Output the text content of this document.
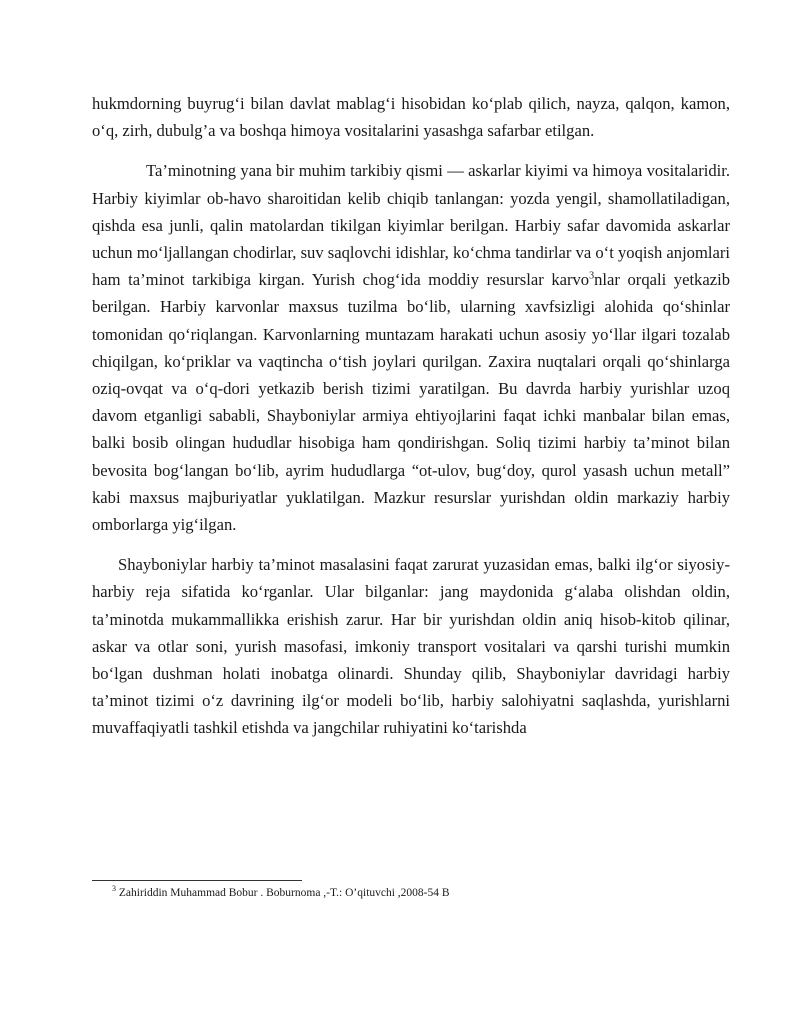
hukmdorning buyrug‘i bilan davlat mablag‘i hisobidan ko‘plab qilich, nayza, qalqon, kamon, o‘q, zirh, dubulg’a va boshqa himoya vositalarini yasashga safarbar etilgan.

Ta’minotning yana bir muhim tarkibiy qismi — askarlar kiyimi va himoya vositalaridir. Harbiy kiyimlar ob-havo sharoitidan kelib chiqib tanlangan: yozda yengil, shamollatiladigan, qishda esa junli, qalin matolardan tikilgan kiyimlar berilgan. Harbiy safar davomida askarlar uchun mo‘ljallangan chodirlar, suv saqlovchi idishlar, ko‘chma tandirlar va o‘t yoqish anjomlari ham ta’minot tarkibiga kirgan. Yurish chog‘ida moddiy resurslar karvo$^3$nlar orqali yetkazib berilgan. Harbiy karvonlar maxsus tuzilma bo‘lib, ularning xavfsizligi alohida qo‘shinlar tomonidan qo‘riqlangan. Karvonlarning muntazam harakati uchun asosiy yo‘llar ilgari tozalab chiqilgan, ko‘priklar va vaqtincha o‘tish joylari qurilgan. Zaxira nuqtalari orqali qo‘shinlarga oziq-ovqat va o‘q-dori yetkazib berish tizimi yaratilgan. Bu davrda harbiy yurishlar uzoq davom etganligi sababli, Shayboniylar armiya ehtiyojlarini faqat ichki manbalar bilan emas, balki bosib olingan hududlar hisobiga ham qondirishgan. Soliq tizimi harbiy ta’minot bilan bevosita bog‘langan bo‘lib, ayrim hududlarga “ot-ulov, bug‘doy, qurol yasash uchun metall” kabi maxsus majburiyatlar yuklatilgan. Mazkur resurslar yurishdan oldin markaziy harbiy omborlarga yig‘ilgan.

Shayboniylar harbiy ta’minot masalasini faqat zarurat yuzasidan emas, balki ilg‘or siyosiy-harbiy reja sifatida ko‘rganlar. Ular bilganlar: jang maydonida g‘alaba olishdan oldin, ta’minotda mukammallikka erishish zarur. Har bir yurishdan oldin aniq hisob-kitob qilinar, askar va otlar soni, yurish masofasi, imkoniy transport vositalari va qarshi turishi mumkin bo‘lgan dushman holati inobatga olinardi. Shunday qilib, Shayboniylar davridagi harbiy ta’minot tizimi o‘z davrining ilg‘or modeli bo‘lib, harbiy salohiyatni saqlashda, yurishlarni muvaffaqiyatli tashkil etishda va jangchilar ruhiyatini ko‘tarishda

$^3$ Zahiriddin Muhammad Bobur . Boburnoma ,-T.: O’qituvchi ,2008-54 B
